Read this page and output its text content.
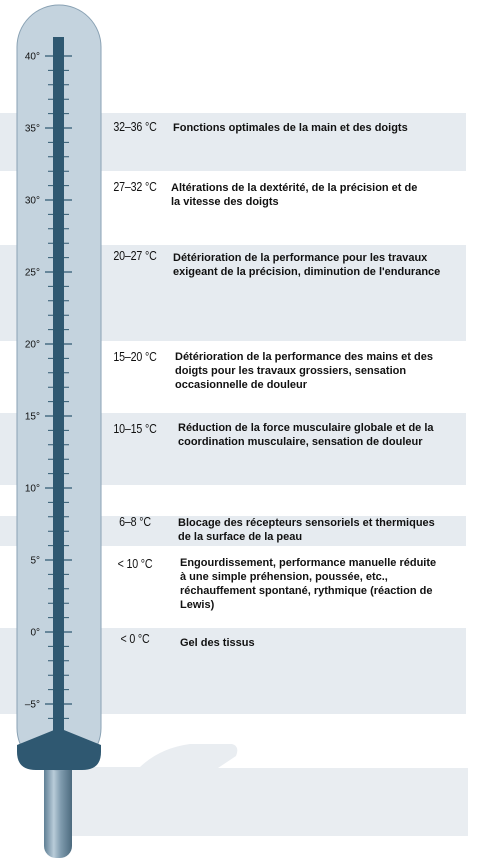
40°
35°
30°
25°
20°
15°
10°
5°
0°
–5°
32–36 °C	Fonctions optimales de la main et des doigts
27–32 °C	Altérations de la dextérité, de la précision et de
la vitesse des doigts
20–27 °C	Détérioration de la performance pour les travaux
exigeant de la précision, diminution de l'endurance
15–20 °C	Détérioration de la performance des mains et des
doigts pour les travaux grossiers, sensation
occasionnelle de douleur
10–15 °C	Réduction de la force musculaire globale et de la
coordination musculaire, sensation de douleur
6–8 °C	Blocage des récepteurs sensoriels et thermiques
de la surface de la peau
< 10 °C	Engourdissement, performance manuelle réduite
à une simple préhension, poussée, etc.,
réchauffement spontané, rythmique (réaction de
Lewis)
< 0 °C	Gel des tissus
